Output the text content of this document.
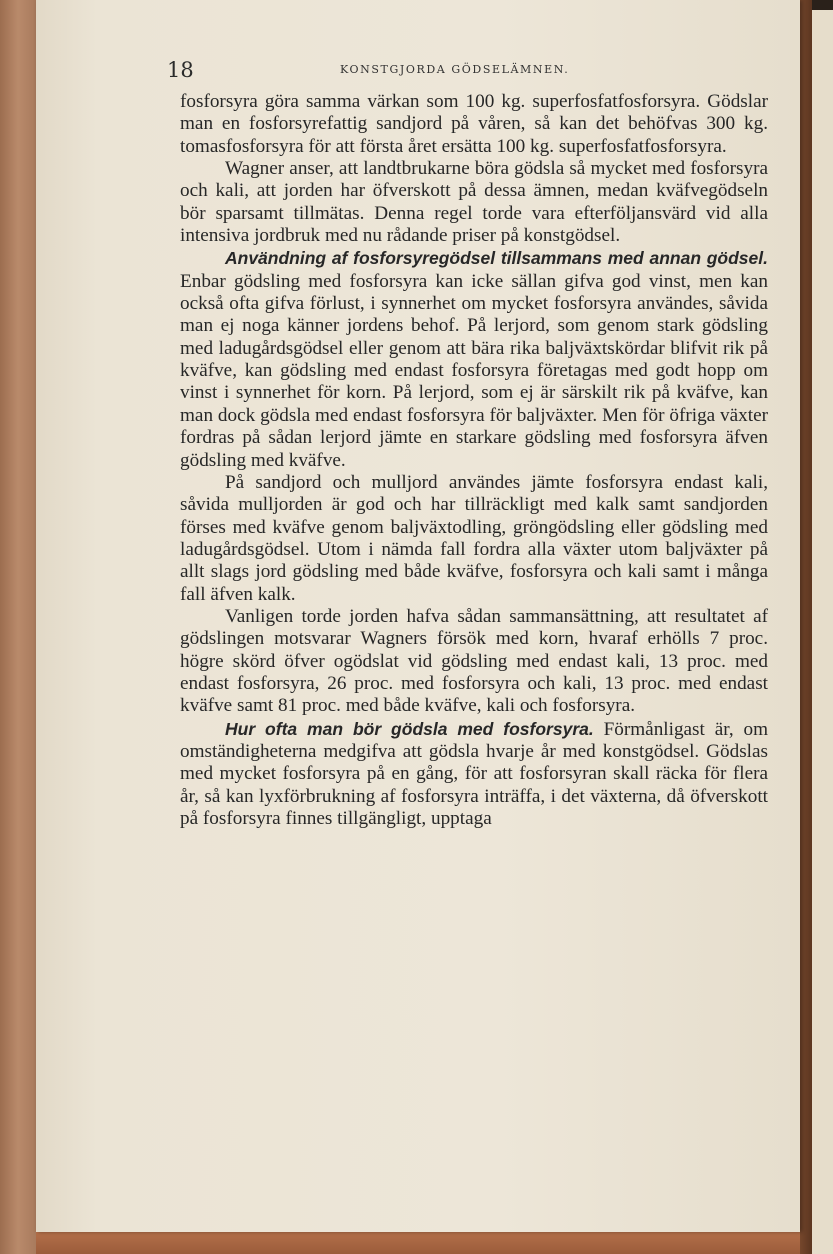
18	KONSTGJORDA GÖDSELÄMNEN.

fosforsyra göra samma värkan som 100 kg. superfosfatfosforsyra. Gödslar man en fosforsyrefattig sandjord på våren, så kan det behöfvas 300 kg. tomasfosforsyra för att första året ersätta 100 kg. superfosfatfosforsyra.

Wagner anser, att landtbrukarne böra gödsla så mycket med fosforsyra och kali, att jorden har öfverskott på dessa ämnen, medan kväfvegödseln bör sparsamt tillmätas. Denna regel torde vara efterföljansvärd vid alla intensiva jordbruk med nu rådande priser på konstgödsel.

Användning af fosforsyregödsel tillsammans med annan gödsel. Enbar gödsling med fosforsyra kan icke sällan gifva god vinst, men kan också ofta gifva förlust, i synnerhet om mycket fosforsyra användes, såvida man ej noga känner jordens behof. På lerjord, som genom stark gödsling med ladugårdsgödsel eller genom att bära rika baljväxtskördar blifvit rik på kväfve, kan gödsling med endast fosforsyra företagas med godt hopp om vinst i synnerhet för korn. På lerjord, som ej är särskilt rik på kväfve, kan man dock gödsla med endast fosforsyra för baljväxter. Men för öfriga växter fordras på sådan lerjord jämte en starkare gödsling med fosforsyra äfven gödsling med kväfve.

På sandjord och mulljord användes jämte fosforsyra endast kali, såvida mulljorden är god och har tillräckligt med kalk samt sandjorden förses med kväfve genom baljväxtodling, gröngödsling eller gödsling med ladugårdsgödsel. Utom i nämda fall fordra alla växter utom baljväxter på allt slags jord gödsling med både kväfve, fosforsyra och kali samt i många fall äfven kalk.

Vanligen torde jorden hafva sådan sammansättning, att resultatet af gödslingen motsvarar Wagners försök med korn, hvaraf erhölls 7 proc. högre skörd öfver ogödslat vid gödsling med endast kali, 13 proc. med endast fosforsyra, 26 proc. med fosforsyra och kali, 13 proc. med endast kväfve samt 81 proc. med både kväfve, kali och fosforsyra.

Hur ofta man bör gödsla med fosforsyra. Förmånligast är, om omständigheterna medgifva att gödsla hvarje år med konstgödsel. Gödslas med mycket fosforsyra på en gång, för att fosforsyran skall räcka för flera år, så kan lyxförbrukning af fosforsyra inträffa, i det växterna, då öfverskott på fosforsyra finnes tillgängligt, upptaga
